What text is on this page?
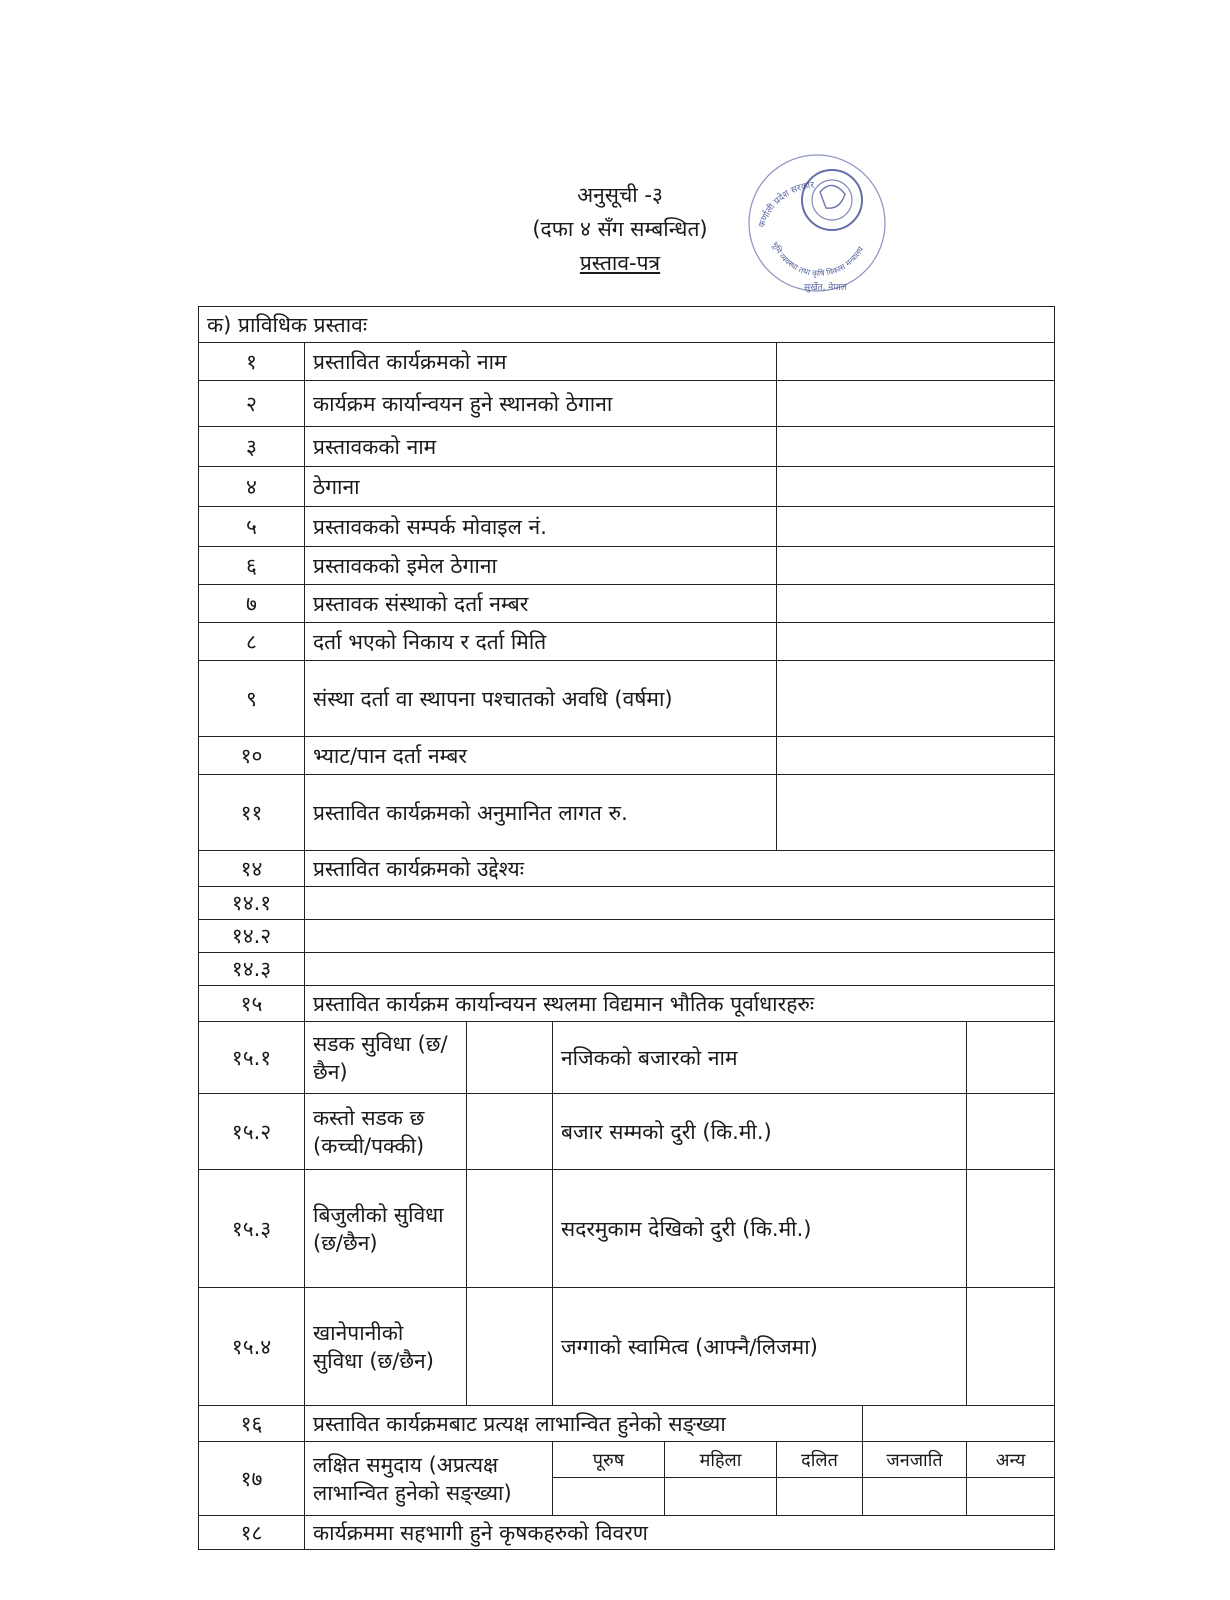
अनुसूची -३
(दफा ४ सँग सम्बन्धित)
प्रस्ताव-पत्र
कर्णाली प्रदेश सरकार
भूमि व्यवस्था तथा कृषि विकास मन्त्रालय
सुर्खेत, नेपाल
क) प्राविधिक प्रस्तावः							
१	प्रस्तावित कार्यक्रमको नाम						
२	कार्यक्रम कार्यान्वयन हुने स्थानको ठेगाना						
३	प्रस्तावकको नाम						
४	ठेगाना						
५	प्रस्तावकको सम्पर्क मोवाइल नं.						
६	प्रस्तावकको इमेल ठेगाना						
७	प्रस्तावक संस्थाको दर्ता नम्बर						
८	दर्ता भएको निकाय र दर्ता मिति						
९	संस्था दर्ता वा स्थापना पश्चातको अवधि (वर्षमा)						
१०	भ्याट/पान दर्ता नम्बर						
११	प्रस्तावित कार्यक्रमको अनुमानित लागत रु.						
१४	प्रस्तावित कार्यक्रमको उद्देश्यः						
१४.१							
१४.२							
१४.३							
१५	प्रस्तावित कार्यक्रम कार्यान्वयन स्थलमा विद्यमान भौतिक पूर्वाधारहरुः						
१५.१	सडक सुविधा (छ/छैन)		नजिकको बजारको नाम				
१५.२	कस्तो सडक छ (कच्ची/पक्की)		बजार सम्मको दुरी (कि.मी.)				
१५.३	बिजुलीको सुविधा (छ/छैन)		सदरमुकाम देखिको दुरी (कि.मी.)				
१५.४	खानेपानीको सुविधा (छ/छैन)		जग्गाको स्वामित्व (आफ्नै/लिजमा)				
१६	प्रस्तावित कार्यक्रमबाट प्रत्यक्ष लाभान्वित हुनेको सङ्ख्या						
१७	लक्षित समुदाय (अप्रत्यक्ष लाभान्वित हुनेको सङ्ख्या)		पूरुष	महिला	दलित	जनजाति	अन्य

१८	कार्यक्रममा सहभागी हुने कृषकहरुको विवरण						
